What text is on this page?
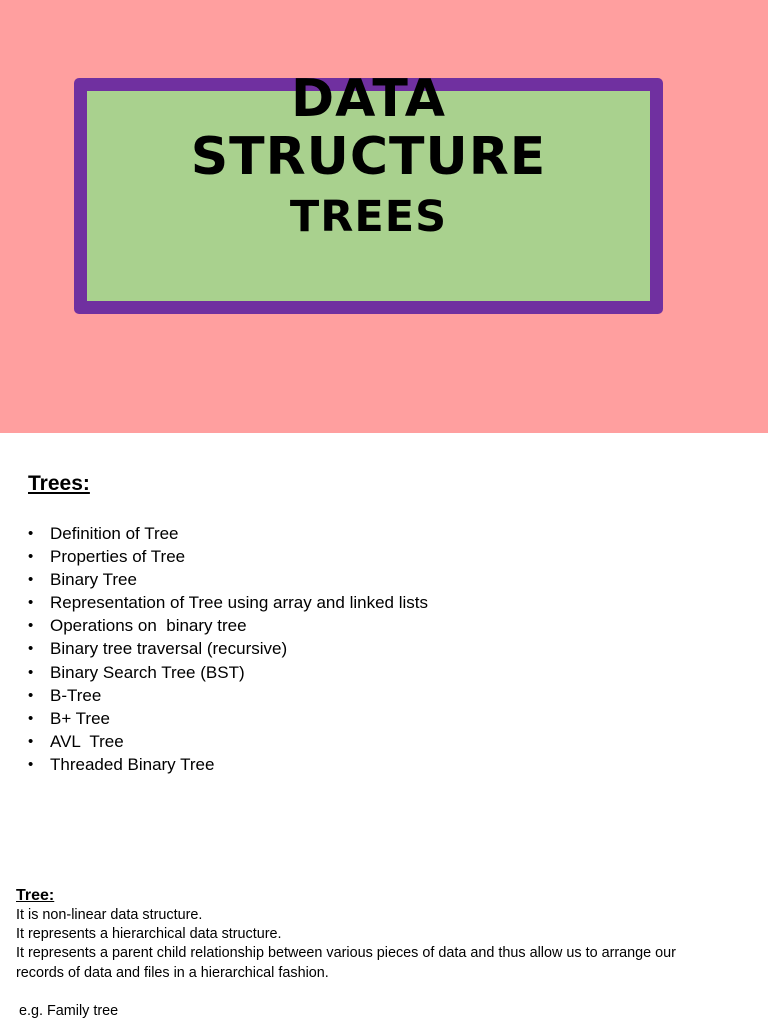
DATA
STRUCTURE
TREES
Trees:
• Definition of Tree
• Properties of Tree
• Binary Tree
• Representation of Tree using array and linked lists
• Operations on  binary tree
• Binary tree traversal (recursive)
• Binary Search Tree (BST)
• B-Tree
• B+ Tree
• AVL  Tree
• Threaded Binary Tree
Tree:
It is non-linear data structure.
It represents a hierarchical data structure.
It represents a parent child relationship between various pieces of data and thus allow us to arrange our
records of data and files in a hierarchical fashion.
e.g. Family tree
